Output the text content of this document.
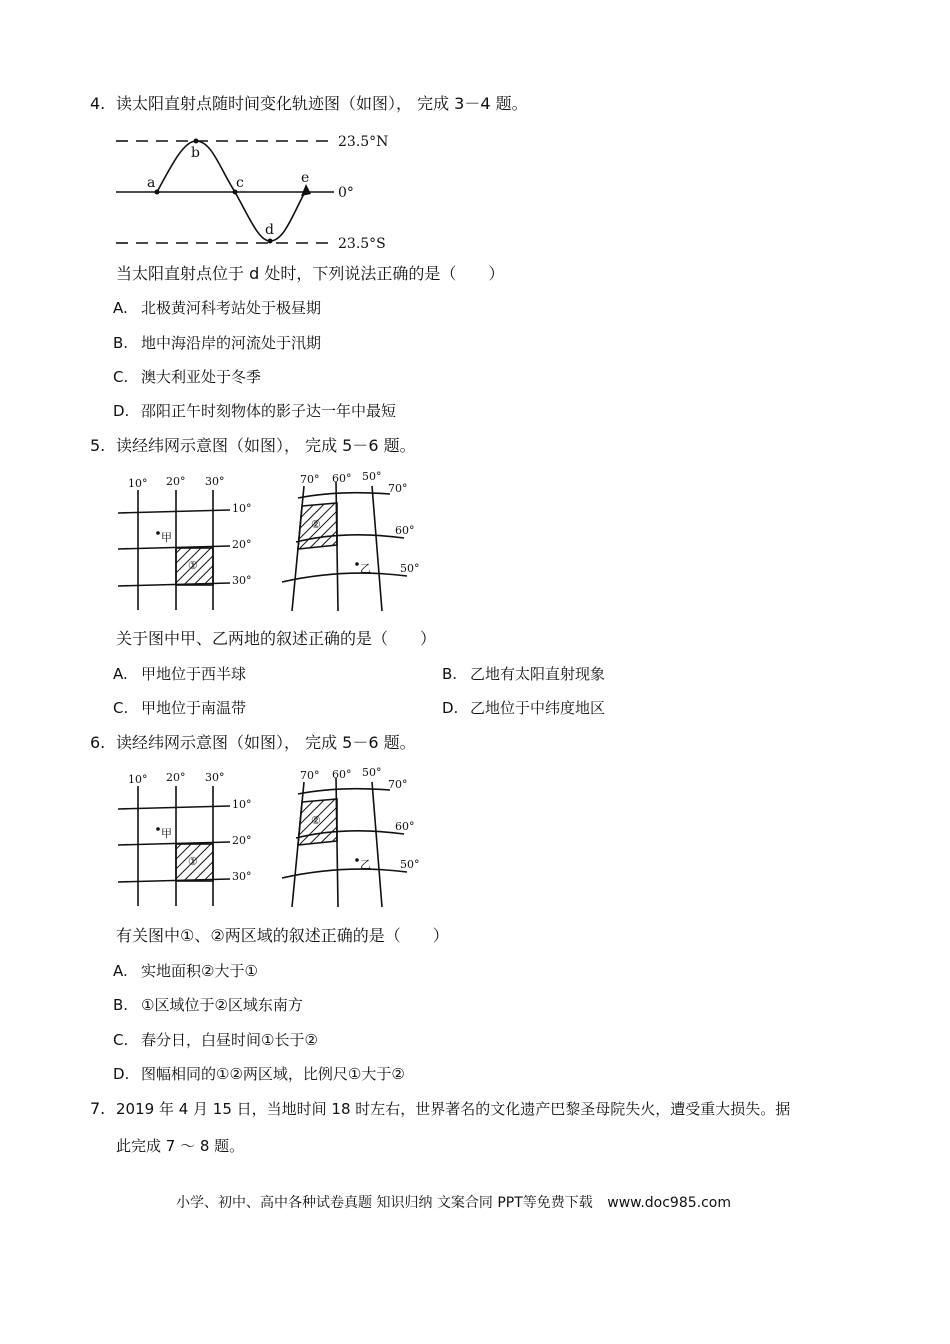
4. 读太阳直射点随时间变化轨迹图（如图）， 完成 3－4 题。
a
b
c
d
e
23.5°N
0°
23.5°S
当太阳直射点位于 d 处时，下列说法正确的是（　　）
A. 北极黄河科考站处于极昼期
B. 地中海沿岸的河流处于汛期
C. 澳大利亚处于冬季
D. 邵阳正午时刻物体的影子达一年中最短
5. 读经纬网示意图（如图）， 完成 5－6 题。
10° 20° 30°
10°
20°
30°
甲
①
70° 60° 50°
70°
60°
50°
乙
②
关于图中甲、乙两地的叙述正确的是（　　）
A. 甲地位于西半球	B. 乙地有太阳直射现象
C. 甲地位于南温带	D. 乙地位于中纬度地区
6. 读经纬网示意图（如图）， 完成 5－6 题。
10° 20° 30°
10°
20°
30°
甲
①
70° 60° 50°
70°
60°
50°
乙
②
有关图中①、②两区域的叙述正确的是（　　）
A. 实地面积②大于①
B. ①区域位于②区域东南方
C. 春分日，白昼时间①长于②
D. 图幅相同的①②两区域，比例尺①大于②
7. 2019 年 4 月 15 日，当地时间 18 时左右，世界著名的文化遗产巴黎圣母院失火，遭受重大损失。据
此完成 7 ～ 8 题。
小学、初中、高中各种试卷真题 知识归纳 文案合同 PPT等免费下载 www.doc985.com
